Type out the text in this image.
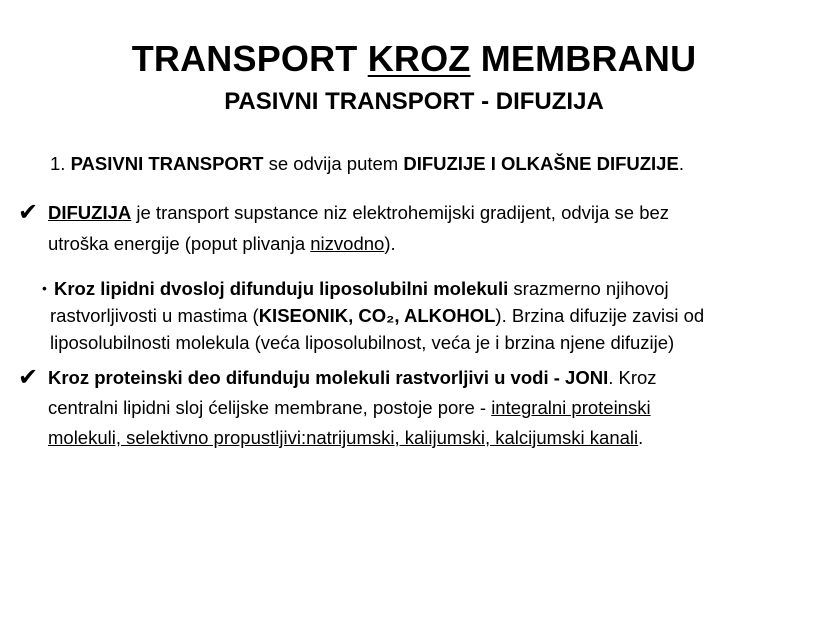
TRANSPORT KROZ MEMBRANU
PASIVNI TRANSPORT - DIFUZIJA
1. PASIVNI TRANSPORT se odvija putem DIFUZIJE I OLKAŠNE DIFUZIJE.
✔ DIFUZIJA je transport supstance niz elektrohemijski gradijent, odvija se bez
utroška energije (poput plivanja nizvodno).
• Kroz lipidni dvosloj difunduju liposolubilni molekuli srazmerno njihovoj
rastvorljivosti u mastima (KISEONIK, CO₂, ALKOHOL). Brzina difuzije zavisi od
liposolubilnosti molekula (veća liposolubilnost, veća je i brzina njene difuzije)
✔ Kroz proteinski deo difunduju molekuli rastvorljivi u vodi - JONI. Kroz
centralni lipidni sloj ćelijske membrane, postoje pore - integralni proteinski
molekuli, selektivno propustljivi:natrijumski, kalijumski, kalcijumski kanali.
